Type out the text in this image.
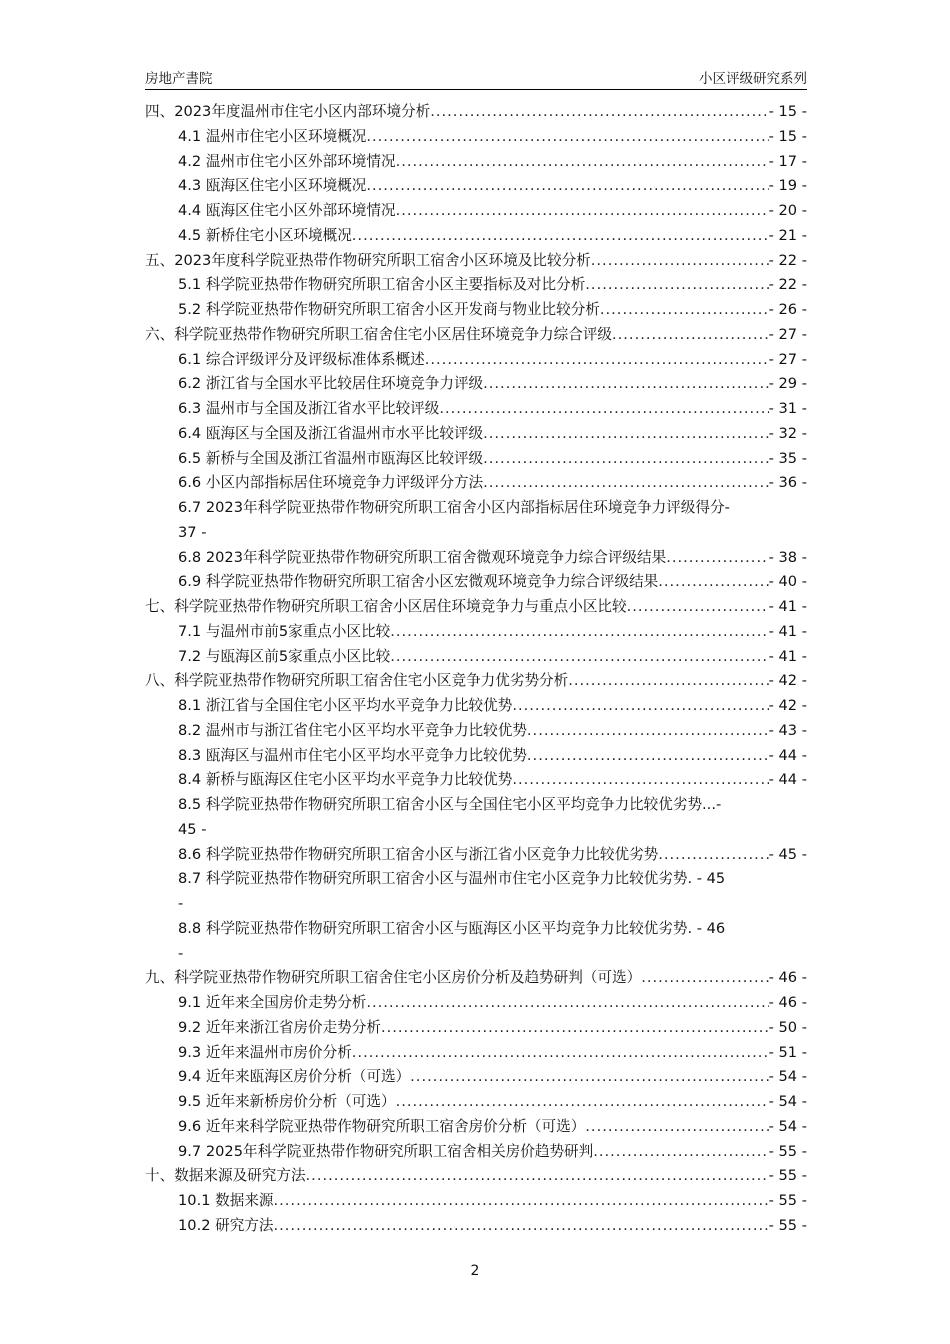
房地产書院	小区评级研究系列
四、2023年度温州市住宅小区内部环境分析 .....	- 15 -
4.1 温州市住宅小区环境概况 .....	- 15 -
4.2 温州市住宅小区外部环境情况 .....	- 17 -
4.3 瓯海区住宅小区环境概况 .....	- 19 -
4.4 瓯海区住宅小区外部环境情况 .....	- 20 -
4.5 新桥住宅小区环境概况 .....	- 21 -
五、2023年度科学院亚热带作物研究所职工宿舍小区环境及比较分析 .....	- 22 -
5.1 科学院亚热带作物研究所职工宿舍小区主要指标及对比分析 .....	- 22 -
5.2 科学院亚热带作物研究所职工宿舍小区开发商与物业比较分析 .....	- 26 -
六、科学院亚热带作物研究所职工宿舍住宅小区居住环境竞争力综合评级 .....	- 27 -
6.1 综合评级评分及评级标准体系概述 .....	- 27 -
6.2 浙江省与全国水平比较居住环境竞争力评级 .....	- 29 -
6.3 温州市与全国及浙江省水平比较评级 .....	- 31 -
6.4 瓯海区与全国及浙江省温州市水平比较评级 .....	- 32 -
6.5 新桥与全国及浙江省温州市瓯海区比较评级 .....	- 35 -
6.6 小区内部指标居住环境竞争力评级评分方法 .....	- 36 -
6.7 2023年科学院亚热带作物研究所职工宿舍小区内部指标居住环境竞争力评级得分 -
37 -
6.8 2023年科学院亚热带作物研究所职工宿舍微观环境竞争力综合评级结果 .....	- 38 -
6.9 科学院亚热带作物研究所职工宿舍小区宏微观环境竞争力综合评级结果 .....	- 40 -
七、科学院亚热带作物研究所职工宿舍小区居住环境竞争力与重点小区比较 .....	- 41 -
7.1 与温州市前5家重点小区比较 .....	- 41 -
7.2 与瓯海区前5家重点小区比较 .....	- 41 -
八、科学院亚热带作物研究所职工宿舍住宅小区竞争力优劣势分析 .....	- 42 -
8.1 浙江省与全国住宅小区平均水平竞争力比较优势 .....	- 42 -
8.2 温州市与浙江省住宅小区平均水平竞争力比较优势 .....	- 43 -
8.3 瓯海区与温州市住宅小区平均水平竞争力比较优势 .....	- 44 -
8.4 新桥与瓯海区住宅小区平均水平竞争力比较优势 .....	- 44 -
8.5 科学院亚热带作物研究所职工宿舍小区与全国住宅小区平均竞争力比较优劣势 ...-
45 -
8.6 科学院亚热带作物研究所职工宿舍小区与浙江省小区竞争力比较优劣势 .....	- 45 -
8.7 科学院亚热带作物研究所职工宿舍小区与温州市住宅小区竞争力比较优劣势 . - 45
-
8.8 科学院亚热带作物研究所职工宿舍小区与瓯海区小区平均竞争力比较优劣势 . - 46
-
九、科学院亚热带作物研究所职工宿舍住宅小区房价分析及趋势研判（可选） .....	- 46 -
9.1 近年来全国房价走势分析 .....	- 46 -
9.2 近年来浙江省房价走势分析 .....	- 50 -
9.3 近年来温州市房价分析 .....	- 51 -
9.4 近年来瓯海区房价分析（可选） .....	- 54 -
9.5 近年来新桥房价分析（可选） .....	- 54 -
9.6 近年来科学院亚热带作物研究所职工宿舍房价分析（可选） .....	- 54 -
9.7 2025年科学院亚热带作物研究所职工宿舍相关房价趋势研判 .....	- 55 -
十、数据来源及研究方法 .....	- 55 -
10.1 数据来源 .....	- 55 -
10.2 研究方法 .....	- 55 -
2
